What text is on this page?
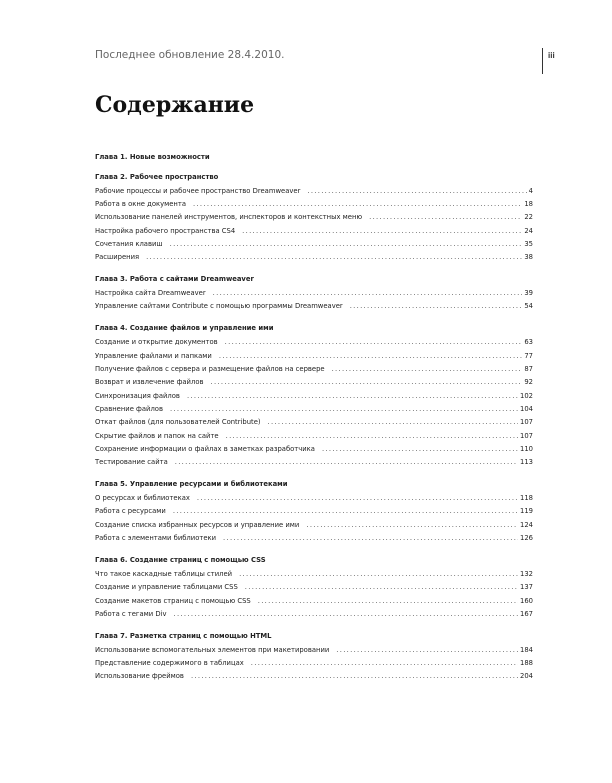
Последнее обновление 28.4.2010.	iii
Содержание
Глава 1. Новые возможности
Глава 2. Рабочее пространство
Рабочие процессы и рабочее пространство Dreamweaver .....	4
Работа в окне документа .....	18
Использование панелей инструментов, инспекторов и контекстных меню .....	22
Настройка рабочего пространства CS4 .....	24
Сочетания клавиш .....	35
Расширения .....	38
Глава 3. Работа с сайтами Dreamweaver
Настройка сайта Dreamweaver .....	39
Управление сайтами Contribute с помощью программы Dreamweaver .....	54
Глава 4. Создание файлов и управление ими
Создание и открытие документов .....	63
Управление файлами и папками .....	77
Получение файлов с сервера и размещение файлов на сервере .....	87
Возврат и извлечение файлов .....	92
Синхронизация файлов .....	102
Сравнение файлов .....	104
Откат файлов (для пользователей Contribute) .....	107
Скрытие файлов и папок на сайте .....	107
Сохранение информации о файлах в заметках разработчика .....	110
Тестирование сайта .....	113
Глава 5. Управление ресурсами и библиотеками
О ресурсах и библиотеках .....	118
Работа с ресурсами .....	119
Создание списка избранных ресурсов и управление ими .....	124
Работа с элементами библиотеки .....	126
Глава 6. Создание страниц с помощью CSS
Что такое каскадные таблицы стилей .....	132
Создание и управление таблицами CSS .....	137
Создание макетов страниц с помощью CSS .....	160
Работа с тегами Div .....	167
Глава 7. Разметка страниц с помощью HTML
Использование вспомогательных элементов при макетировании .....	184
Представление содержимого в таблицах .....	188
Использование фреймов .....	204
